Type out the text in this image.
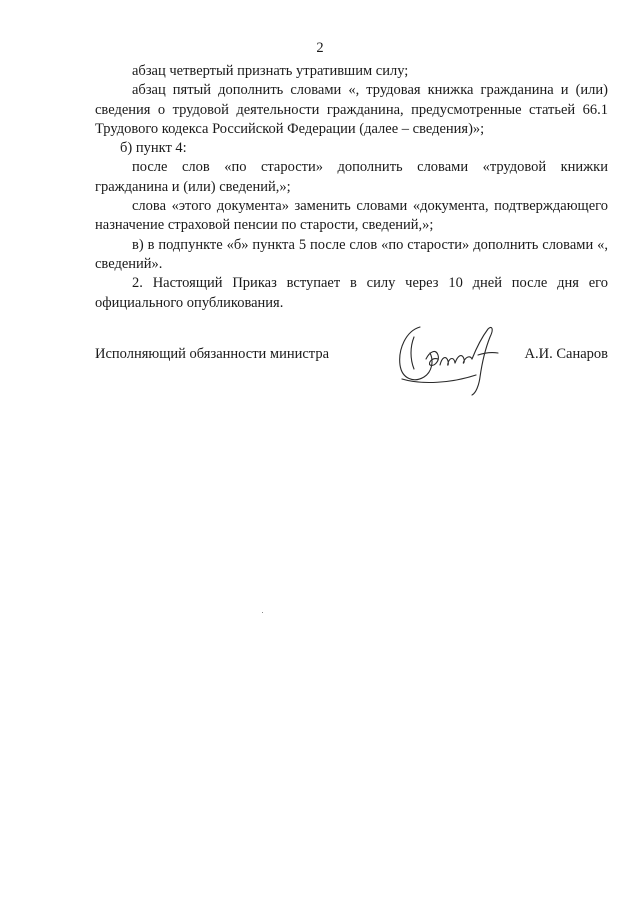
2

абзац четвертый признать утратившим силу;

абзац пятый дополнить словами «, трудовая книжка гражданина и (или) сведения о трудовой деятельности гражданина, предусмотренные статьей 66.1 Трудового кодекса Российской Федерации (далее – сведения)»;

б) пункт 4:

после слов «по старости» дополнить словами «трудовой книжки гражданина и (или) сведений,»;

слова «этого документа» заменить словами «документа, подтверждающего назначение страховой пенсии по старости, сведений,»;

в) в подпункте «б» пункта 5 после слов «по старости» дополнить словами «, сведений».

2. Настоящий Приказ вступает в силу через 10 дней после дня его официального опубликования.

Исполняющий обязанности министра	А.И. Санаров
